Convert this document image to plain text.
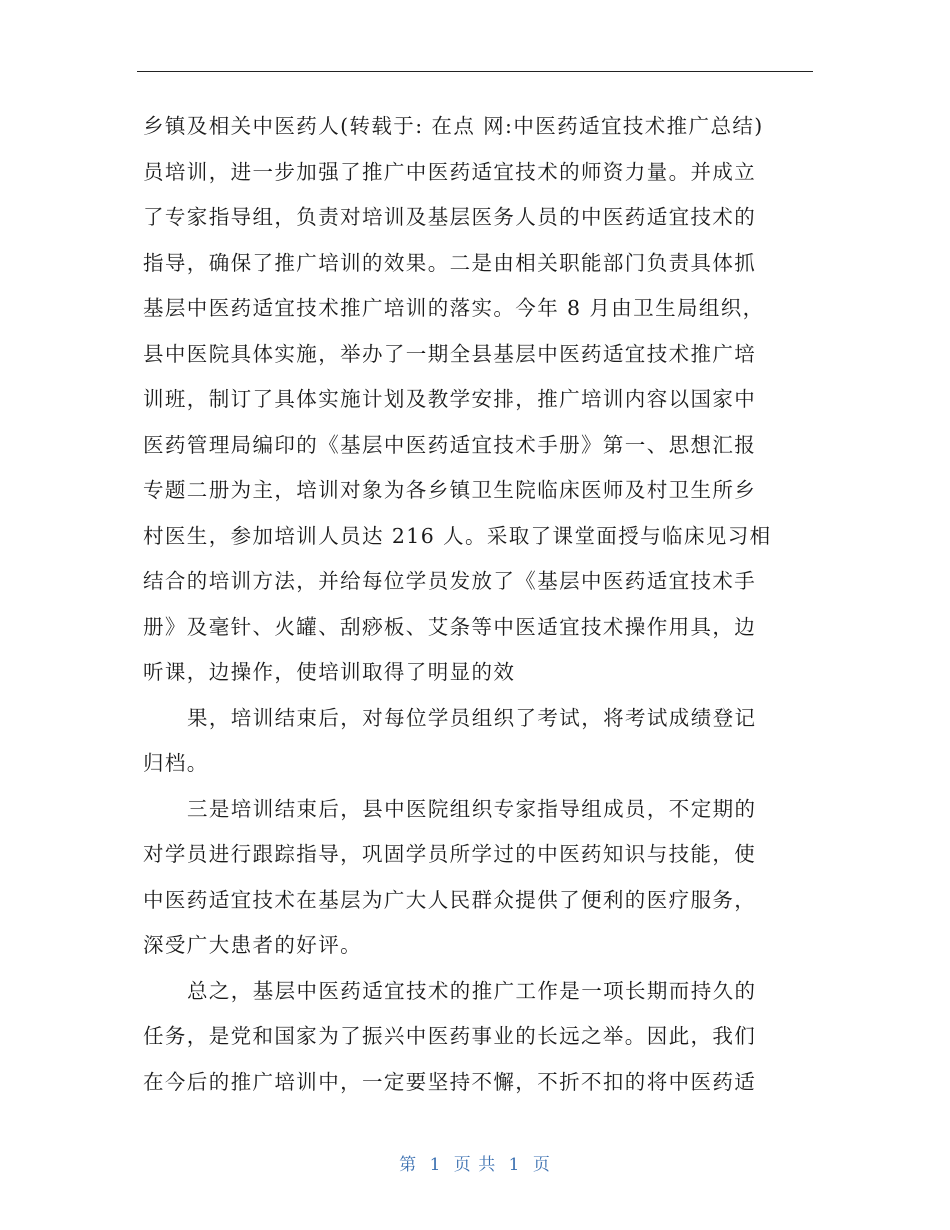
乡镇及相关中医药人(转载于: 在点 网:中医药适宜技术推广总结)
员培训，进一步加强了推广中医药适宜技术的师资力量。并成立
了专家指导组，负责对培训及基层医务人员的中医药适宜技术的
指导，确保了推广培训的效果。二是由相关职能部门负责具体抓
基层中医药适宜技术推广培训的落实。今年 8 月由卫生局组织，
县中医院具体实施，举办了一期全县基层中医药适宜技术推广培
训班，制订了具体实施计划及教学安排，推广培训内容以国家中
医药管理局编印的《基层中医药适宜技术手册》第一、思想汇报
专题二册为主，培训对象为各乡镇卫生院临床医师及村卫生所乡
村医生，参加培训人员达 216 人。采取了课堂面授与临床见习相
结合的培训方法，并给每位学员发放了《基层中医药适宜技术手
册》及毫针、火罐、刮痧板、艾条等中医适宜技术操作用具，边
听课，边操作，使培训取得了明显的效
果，培训结束后，对每位学员组织了考试，将考试成绩登记
归档。
三是培训结束后，县中医院组织专家指导组成员，不定期的
对学员进行跟踪指导，巩固学员所学过的中医药知识与技能，使
中医药适宜技术在基层为广大人民群众提供了便利的医疗服务，
深受广大患者的好评。
总之，基层中医药适宜技术的推广工作是一项长期而持久的
任务，是党和国家为了振兴中医药事业的长远之举。因此，我们
在今后的推广培训中，一定要坚持不懈，不折不扣的将中医药适
第 1 页 共 1 页
